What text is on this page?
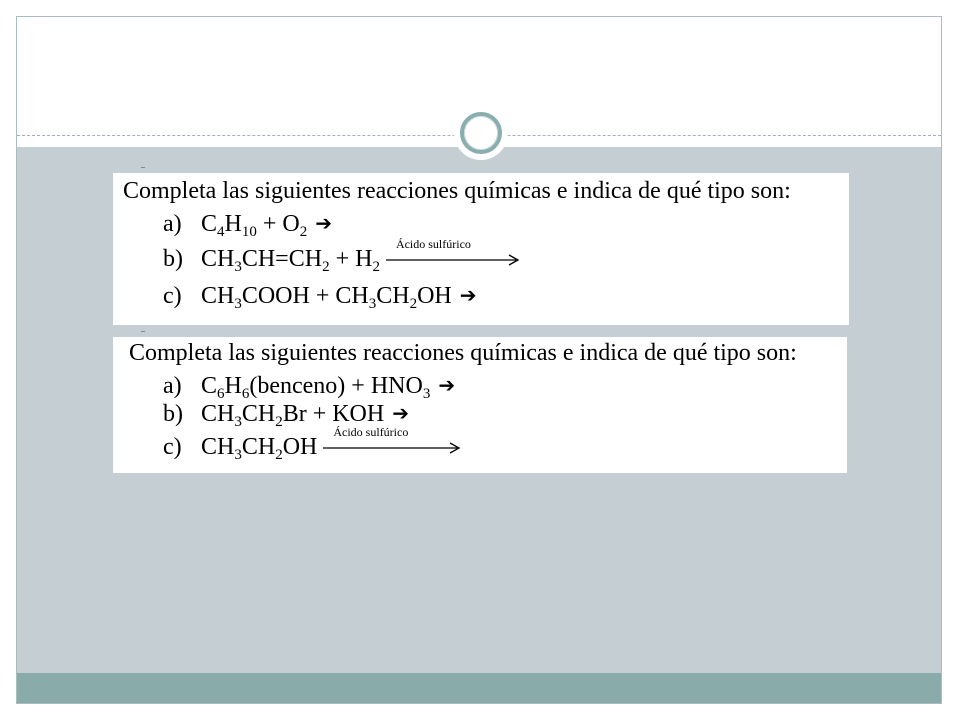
Completa las siguientes reacciones químicas e indica de qué tipo son:
a) $C_4H_{10} + O_2$ ➔
b) $CH_3CH=CH_2 + H_2$
Ácido sulfúrico
c) $CH_3COOH + CH_3CH_2OH$ ➔
Completa las siguientes reacciones químicas e indica de qué tipo son:
a) $C_6H_6(benceno) + HNO_3$ ➔
b) $CH_3CH_2Br$ + KOH ➔
c) $CH_3CH_2OH$
Ácido sulfúrico
